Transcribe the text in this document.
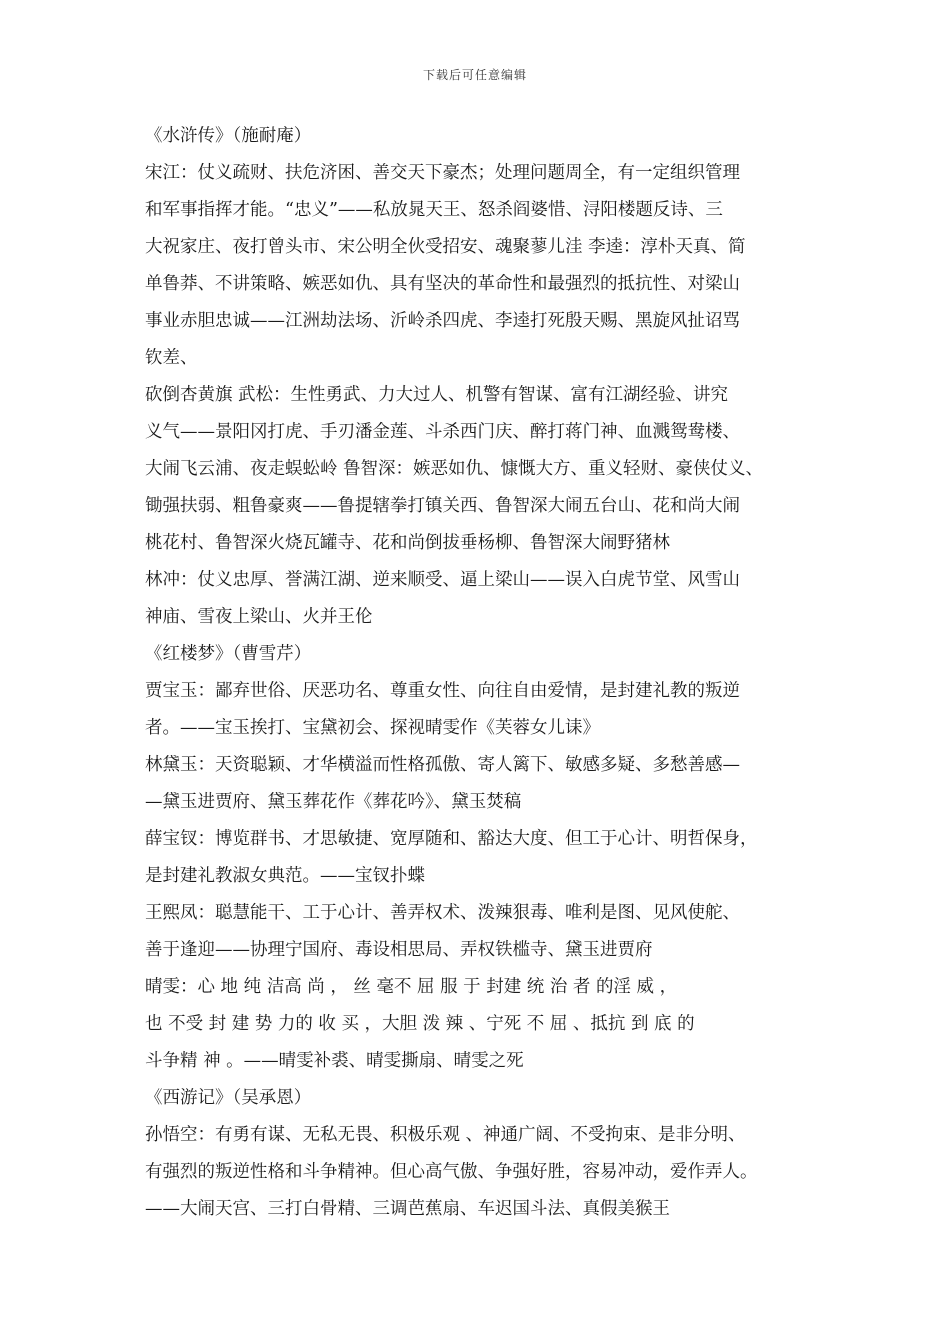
下载后可任意编辑
《水浒传》（施耐庵）
宋江：仗义疏财、扶危济困、善交天下豪杰；处理问题周全，有一定组织管理
和军事指挥才能。“忠义”——私放晁天王、怒杀阎婆惜、浔阳楼题反诗、三
大祝家庄、夜打曾头市、宋公明全伙受招安、魂聚蓼儿洼 李逵：淳朴天真、简
单鲁莽、不讲策略、嫉恶如仇、具有坚决的革命性和最强烈的抵抗性、对梁山
事业赤胆忠诚——江洲劫法场、沂岭杀四虎、李逵打死殷天赐、黑旋风扯诏骂
钦差、
砍倒杏黄旗 武松：生性勇武、力大过人、机警有智谋、富有江湖经验、讲究
义气——景阳冈打虎、手刃潘金莲、斗杀西门庆、醉打蒋门神、血溅鸳鸯楼、
大闹飞云浦、夜走蜈蚣岭 鲁智深：嫉恶如仇、慷慨大方、重义轻财、豪侠仗义、
锄强扶弱、粗鲁豪爽——鲁提辖拳打镇关西、鲁智深大闹五台山、花和尚大闹
桃花村、鲁智深火烧瓦罐寺、花和尚倒拔垂杨柳、鲁智深大闹野猪林
林冲：仗义忠厚、誉满江湖、逆来顺受、逼上梁山——误入白虎节堂、风雪山
神庙、雪夜上梁山、火并王伦
《红楼梦》（曹雪芹）
贾宝玉：鄙弃世俗、厌恶功名、尊重女性、向往自由爱情，是封建礼教的叛逆
者。——宝玉挨打、宝黛初会、探视晴雯作《芙蓉女儿诔》
林黛玉：天资聪颖、才华横溢而性格孤傲、寄人篱下、敏感多疑、多愁善感—
—黛玉进贾府、黛玉葬花作《葬花吟》、黛玉焚稿
薛宝钗：博览群书、才思敏捷、宽厚随和、豁达大度、但工于心计、明哲保身，
是封建礼教淑女典范。——宝钗扑蝶
王熙凤：聪慧能干、工于心计、善弄权术、泼辣狠毒、唯利是图、见风使舵、
善于逢迎——协理宁国府、毒设相思局、弄权铁槛寺、黛玉进贾府
晴雯：心 地 纯 洁高 尚 ， 丝 毫不 屈 服 于 封建 统 治 者 的淫 威 ，
也 不受 封 建 势 力的 收 买 ，大胆 泼 辣 、宁死 不 屈 、抵抗 到 底 的
斗争精 神 。——晴雯补裘、晴雯撕扇、晴雯之死
《西游记》（吴承恩）
孙悟空：有勇有谋、无私无畏、积极乐观 、神通广阔、不受拘束、是非分明、
有强烈的叛逆性格和斗争精神。但心高气傲、争强好胜，容易冲动，爱作弄人。
——大闹天宫、三打白骨精、三调芭蕉扇、车迟国斗法、真假美猴王
